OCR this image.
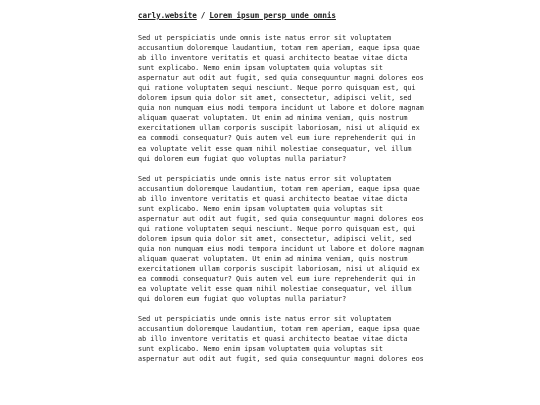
carly.website / Lorem ipsum persp unde omnis

Sed ut perspiciatis unde omnis iste natus error sit voluptatem
accusantium doloremque laudantium, totam rem aperiam, eaque ipsa quae
ab illo inventore veritatis et quasi architecto beatae vitae dicta
sunt explicabo. Nemo enim ipsam voluptatem quia voluptas sit
aspernatur aut odit aut fugit, sed quia consequuntur magni dolores eos
qui ratione voluptatem sequi nesciunt. Neque porro quisquam est, qui
dolorem ipsum quia dolor sit amet, consectetur, adipisci velit, sed
quia non numquam eius modi tempora incidunt ut labore et dolore magnam
aliquam quaerat voluptatem. Ut enim ad minima veniam, quis nostrum
exercitationem ullam corporis suscipit laboriosam, nisi ut aliquid ex
ea commodi consequatur? Quis autem vel eum iure reprehenderit qui in
ea voluptate velit esse quam nihil molestiae consequatur, vel illum
qui dolorem eum fugiat quo voluptas nulla pariatur?

Sed ut perspiciatis unde omnis iste natus error sit voluptatem
accusantium doloremque laudantium, totam rem aperiam, eaque ipsa quae
ab illo inventore veritatis et quasi architecto beatae vitae dicta
sunt explicabo. Nemo enim ipsam voluptatem quia voluptas sit
aspernatur aut odit aut fugit, sed quia consequuntur magni dolores eos
qui ratione voluptatem sequi nesciunt. Neque porro quisquam est, qui
dolorem ipsum quia dolor sit amet, consectetur, adipisci velit, sed
quia non numquam eius modi tempora incidunt ut labore et dolore magnam
aliquam quaerat voluptatem. Ut enim ad minima veniam, quis nostrum
exercitationem ullam corporis suscipit laboriosam, nisi ut aliquid ex
ea commodi consequatur? Quis autem vel eum iure reprehenderit qui in
ea voluptate velit esse quam nihil molestiae consequatur, vel illum
qui dolorem eum fugiat quo voluptas nulla pariatur?

Sed ut perspiciatis unde omnis iste natus error sit voluptatem
accusantium doloremque laudantium, totam rem aperiam, eaque ipsa quae
ab illo inventore veritatis et quasi architecto beatae vitae dicta
sunt explicabo. Nemo enim ipsam voluptatem quia voluptas sit
aspernatur aut odit aut fugit, sed quia consequuntur magni dolores eos
